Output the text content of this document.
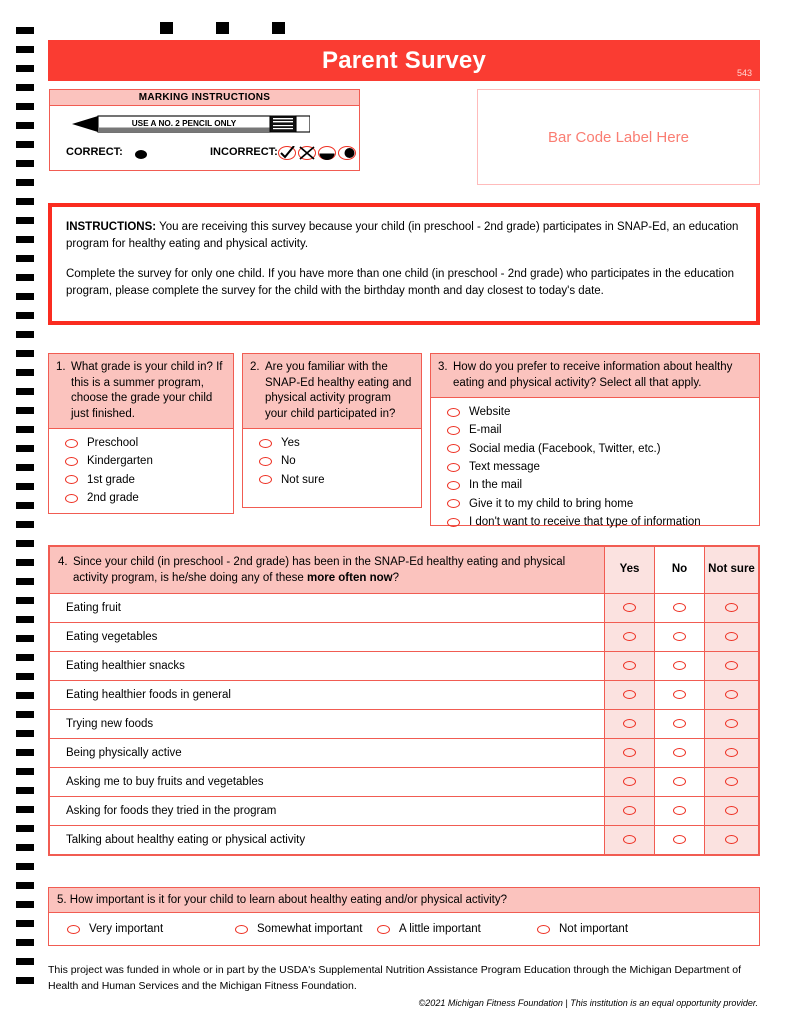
Parent Survey	543
MARKING INSTRUCTIONS
USE A NO. 2 PENCIL ONLY
CORRECT:	INCORRECT:
Bar Code Label Here

INSTRUCTIONS: You are receiving this survey because your child (in preschool - 2nd grade) participates in SNAP-Ed, an education program for healthy eating and physical activity.

Complete the survey for only one child. If you have more than one child (in preschool - 2nd grade) who participates in the education program, please complete the survey for the child with the birthday month and day closest to today's date.

1. What grade is your child in? If this is a summer program, choose the grade your child just finished.
Preschool
Kindergarten
1st grade
2nd grade
2. Are you familiar with the SNAP-Ed healthy eating and physical activity program your child participated in?
Yes
No
Not sure
3. How do you prefer to receive information about healthy eating and physical activity? Select all that apply.
Website
E-mail
Social media (Facebook, Twitter, etc.)
Text message
In the mail
Give it to my child to bring home
I don't want to receive that type of information
4. Since your child (in preschool - 2nd grade) has been in the SNAP-Ed healthy eating and physical activity program, is he/she doing any of these more often now?	Yes	No	Not sure
Eating fruit			
Eating vegetables			
Eating healthier snacks			
Eating healthier foods in general			
Trying new foods			
Being physically active			
Asking me to buy fruits and vegetables			
Asking for foods they tried in the program			
Talking about healthy eating or physical activity			
5. How important is it for your child to learn about healthy eating and/or physical activity?
Very important	Somewhat important	A little important	Not important
This project was funded in whole or in part by the USDA's Supplemental Nutrition Assistance Program Education through the Michigan Department of Health and Human Services and the Michigan Fitness Foundation.
©2021 Michigan Fitness Foundation | This institution is an equal opportunity provider.
